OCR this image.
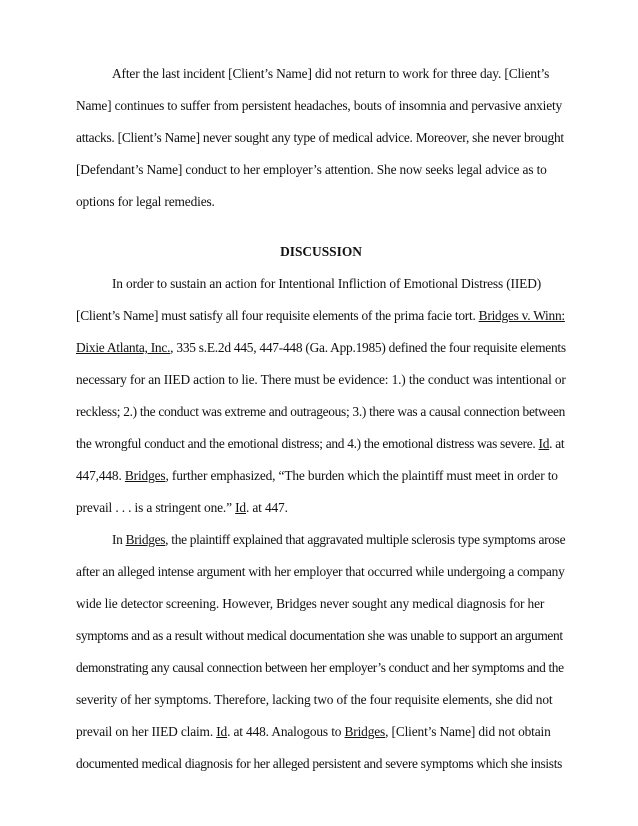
After the last incident [Client’s Name] did not return to work for three day. [Client’s
Name] continues to suffer from persistent headaches, bouts of insomnia and pervasive anxiety
attacks. [Client’s Name] never sought any type of medical advice. Moreover, she never brought
[Defendant’s Name] conduct to her employer’s attention. She now seeks legal advice as to
options for legal remedies.
DISCUSSION
In order to sustain an action for Intentional Infliction of Emotional Distress (IIED)
[Client’s Name] must satisfy all four requisite elements of the prima facie tort. Bridges v. Winn:
Dixie Atlanta, Inc., 335 s.E.2d 445, 447-448 (Ga. App.1985) defined the four requisite elements
necessary for an IIED action to lie. There must be evidence: 1.) the conduct was intentional or
reckless; 2.) the conduct was extreme and outrageous; 3.) there was a causal connection between
the wrongful conduct and the emotional distress; and 4.) the emotional distress was severe. Id. at
447,448. Bridges, further emphasized, “The burden which the plaintiff must meet in order to
prevail . . . is a stringent one.” Id. at 447.
In Bridges, the plaintiff explained that aggravated multiple sclerosis type symptoms arose
after an alleged intense argument with her employer that occurred while undergoing a company
wide lie detector screening. However, Bridges never sought any medical diagnosis for her
symptoms and as a result without medical documentation she was unable to support an argument
demonstrating any causal connection between her employer’s conduct and her symptoms and the
severity of her symptoms. Therefore, lacking two of the four requisite elements, she did not
prevail on her IIED claim. Id. at 448. Analogous to Bridges, [Client’s Name] did not obtain
documented medical diagnosis for her alleged persistent and severe symptoms which she insists
